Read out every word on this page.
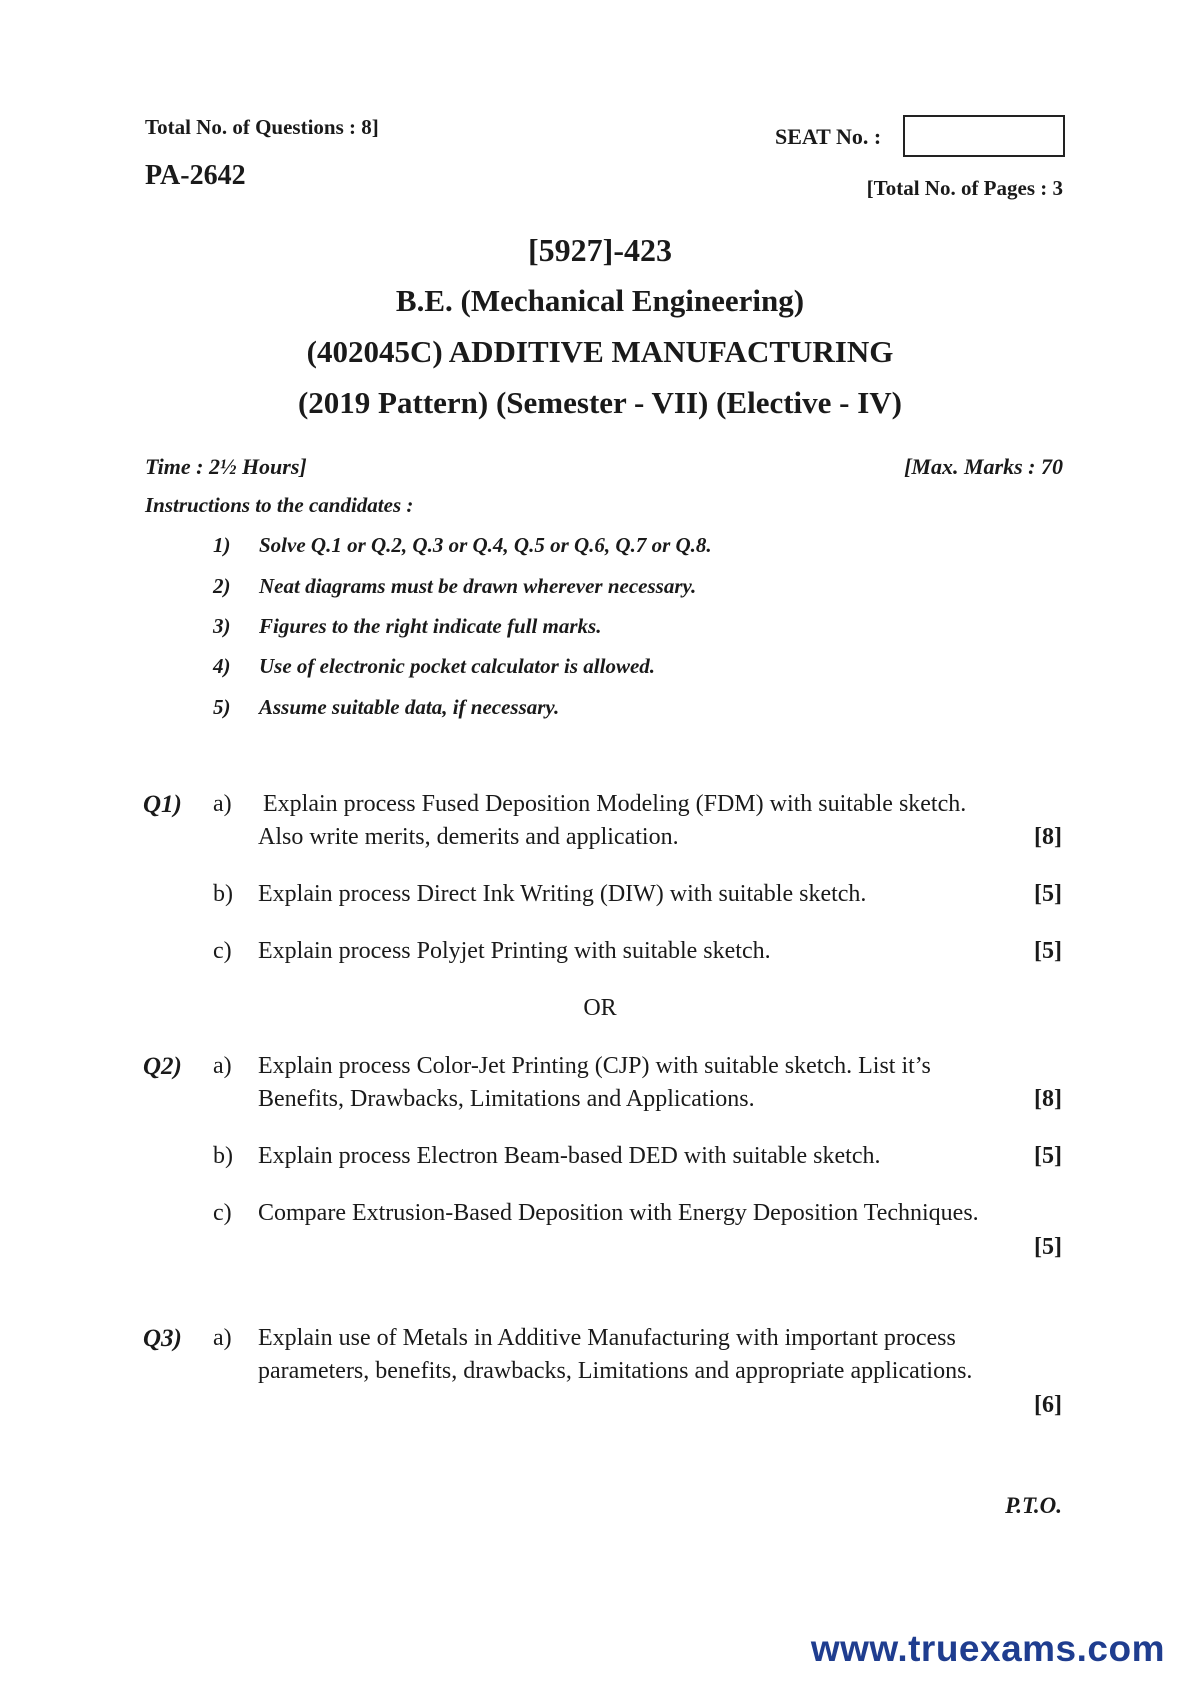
Total No. of Questions : 8]
PA-2642
SEAT No. :
[Total No. of Pages : 3
[5927]-423
B.E. (Mechanical Engineering)
(402045C) ADDITIVE MANUFACTURING
(2019 Pattern) (Semester - VII) (Elective - IV)
Time : 2½ Hours]	[Max. Marks : 70
Instructions to the candidates :
1)	Solve Q.1 or Q.2, Q.3 or Q.4, Q.5 or Q.6, Q.7 or Q.8.
2)	Neat diagrams must be drawn wherever necessary.
3)	Figures to the right indicate full marks.
4)	Use of electronic pocket calculator is allowed.
5)	Assume suitable data, if necessary.
Q1) a) Explain process Fused Deposition Modeling (FDM) with suitable sketch.
Also write merits, demerits and application.	[8]
b) Explain process Direct Ink Writing (DIW) with suitable sketch.	[5]
c) Explain process Polyjet Printing with suitable sketch.	[5]
OR
Q2) a) Explain process Color-Jet Printing (CJP) with suitable sketch. List it’s
Benefits, Drawbacks, Limitations and Applications.	[8]
b) Explain process Electron Beam-based DED with suitable sketch.	[5]
c) Compare Extrusion-Based Deposition with Energy Deposition Techniques.
[5]
Q3) a) Explain use of Metals in Additive Manufacturing with important process
parameters, benefits, drawbacks, Limitations and appropriate applications.
[6]
P.T.O.
www.truexams.com
